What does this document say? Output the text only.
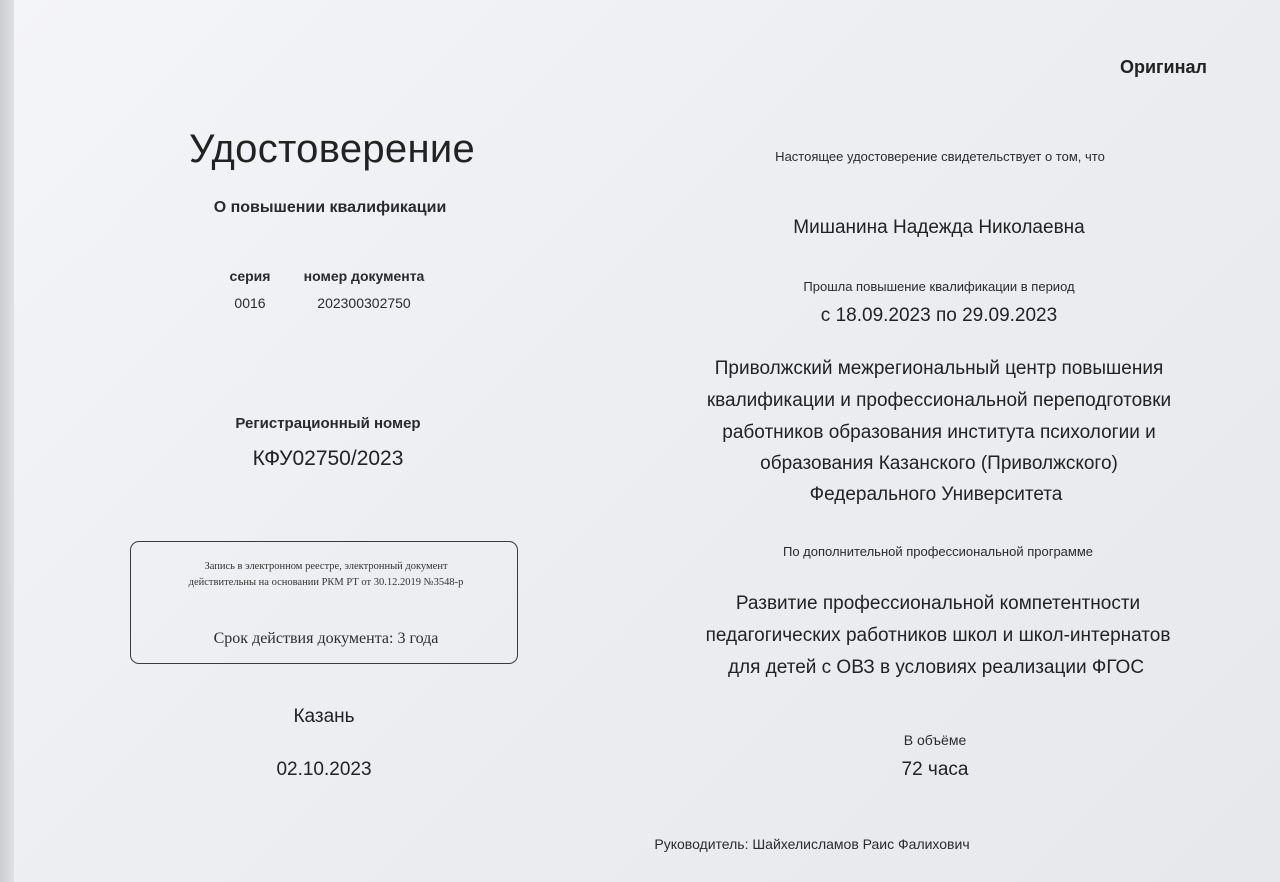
Удостоверение
О повышении квалификации
серия номер документа
0016	202300302750
Регистрационный номер
КФУ02750/2023
Запись в электронном реестре, электронный документ
действительны на основании РКМ РТ от 30.12.2019 №3548-р
Срок действия документа: 3 года
Казань
02.10.2023
Оригинал
Настоящее удостоверение свидетельствует о том, что
Мишанина Надежда Николаевна
Прошла повышение квалификации в период
с 18.09.2023 по 29.09.2023
Приволжский межрегиональный центр повышения
квалификации и профессиональной переподготовки
работников образования института психологии и
образования Казанского (Приволжского)
Федерального Университета
По дополнительной профессиональной программе
Развитие профессиональной компетентности
педагогических работников школ и школ-интернатов
для детей с ОВЗ в условиях реализации ФГОС
В объёме
72 часа
Руководитель: Шайхелисламов Раис Фалихович
